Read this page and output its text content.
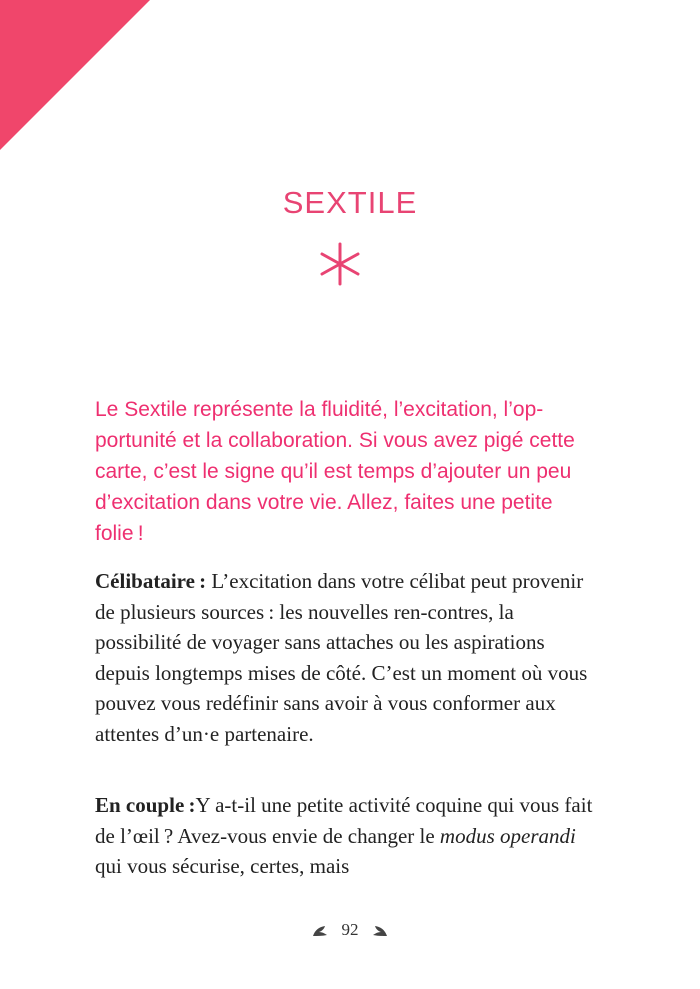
SEXTILE

Le Sextile représente la fluidité, l’excitation, l’op-portunité et la collaboration. Si vous avez pigé cette carte, c’est le signe qu’il est temps d’ajouter un peu d’excitation dans votre vie. Allez, faites une petite folie !

Célibataire : L’excitation dans votre célibat peut provenir de plusieurs sources : les nouvelles ren-contres, la possibilité de voyager sans attaches ou les aspirations depuis longtemps mises de côté. C’est un moment où vous pouvez vous redéfinir sans avoir à vous conformer aux attentes d’un·e partenaire.

En couple :Y a-t-il une petite activité coquine qui vous fait de l’œil ? Avez-vous envie de changer le modus operandi qui vous sécurise, certes, mais

92
